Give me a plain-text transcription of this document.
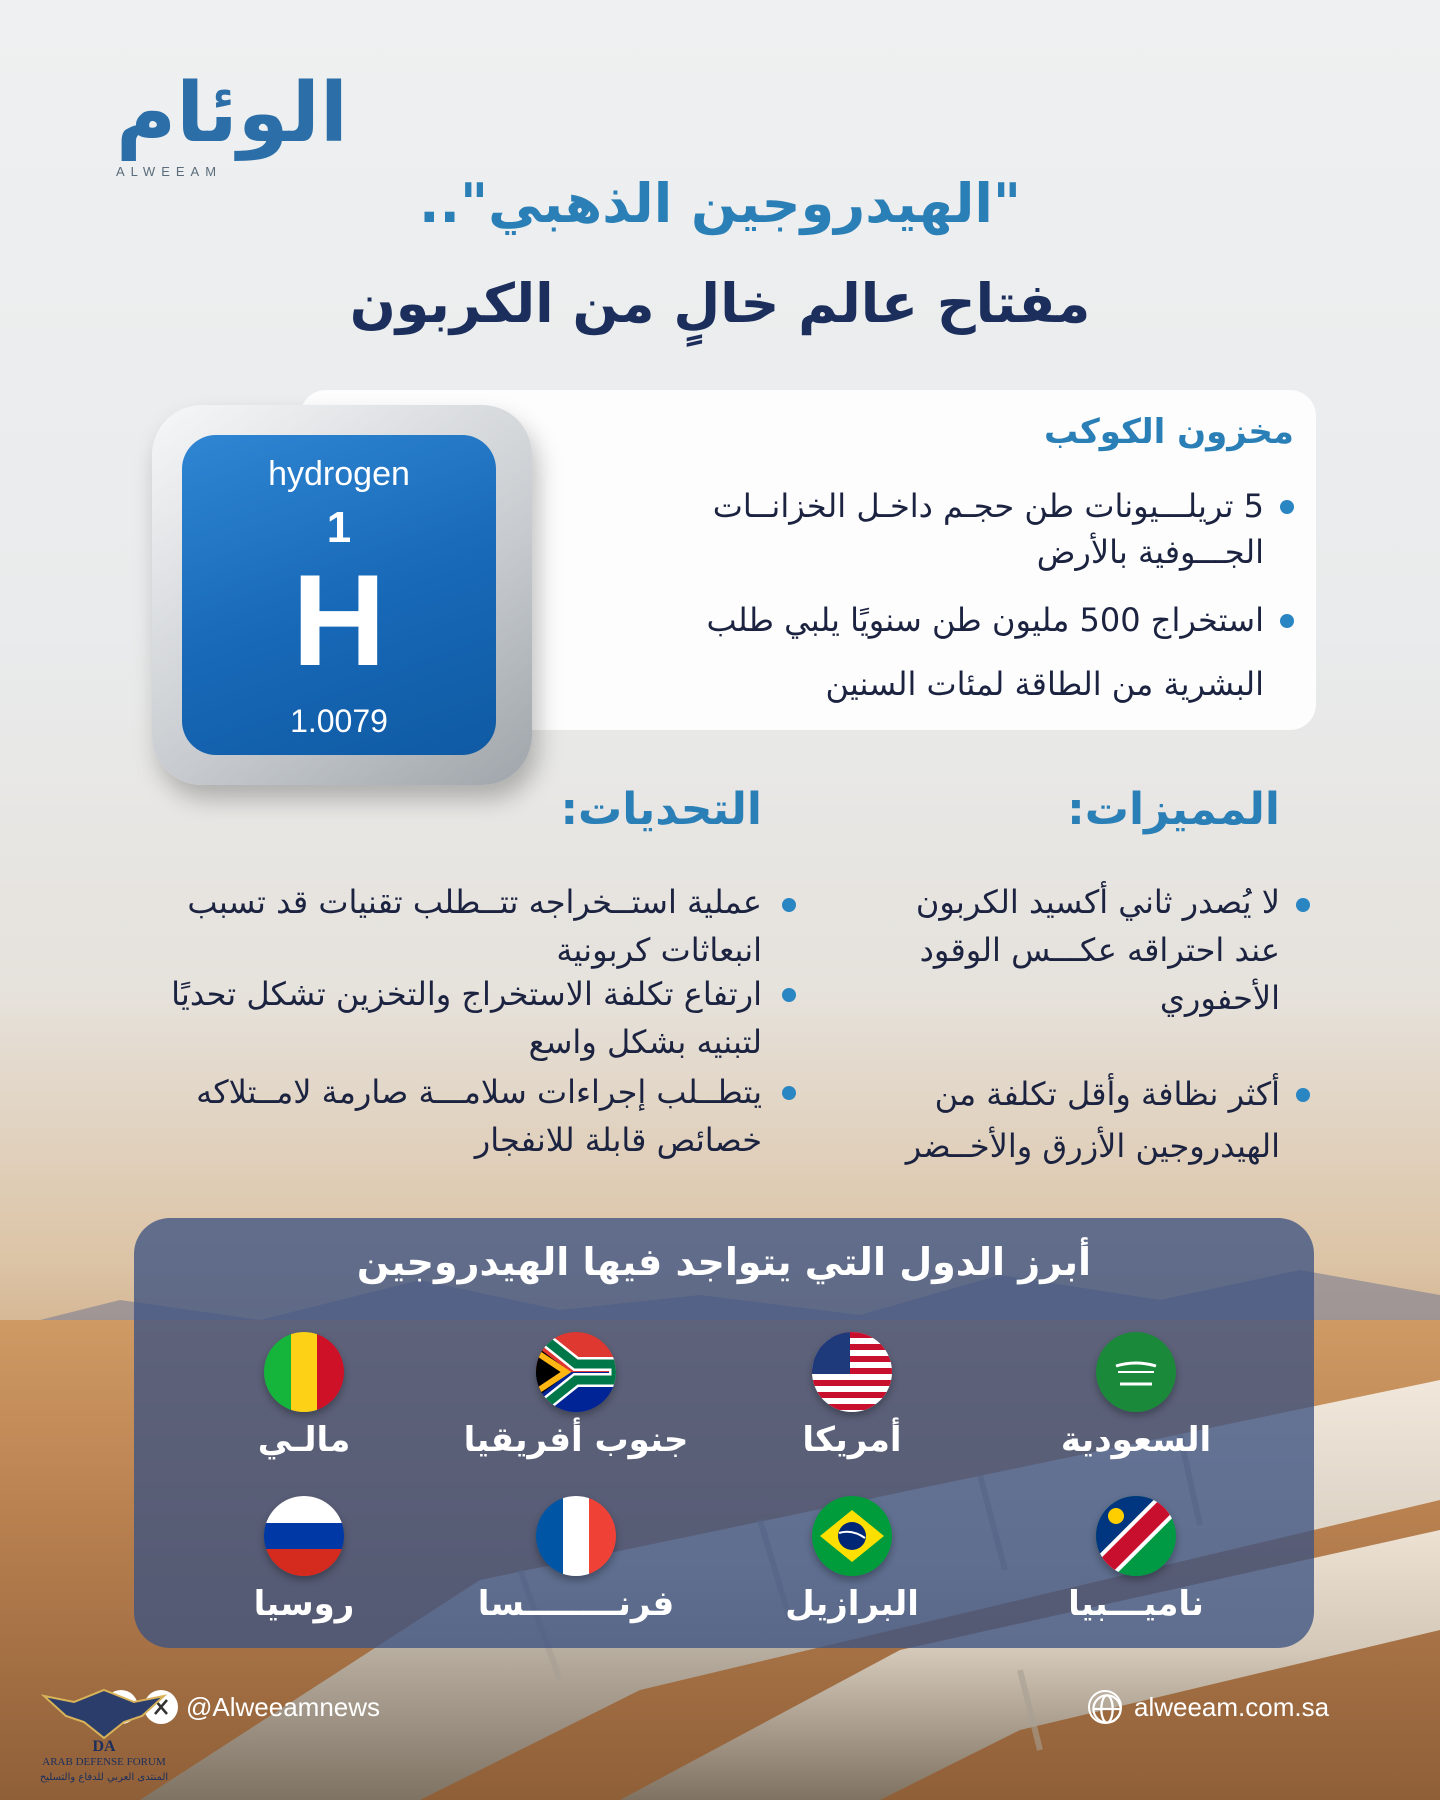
الوئام
ALWEEAM
"الهيدروجين الذهبي"..
مفتاح عالم خالٍ من الكربون
مخزون الكوكب
5 تريلـــيونات طن حجـم داخـل الخزانــات
الجـــوفية بالأرض
استخراج 500 مليون طن سنويًا يلبي طلب
البشرية من الطاقة لمئات السنين
hydrogen
1
H
1.0079
المميزات:
لا يُصدر ثاني أكسيد الكربون
عند احتراقه عكـــس الوقود
الأحفوري
أكثر نظافة وأقل تكلفة من
الهيدروجين الأزرق والأخــضر
التحديات:
عملية استــخراجه تتــطلب تقنيات قد تسبب
انبعاثات كربونية
ارتفاع تكلفة الاستخراج والتخزين تشكل تحديًا
لتبنيه بشكل واسع
يتطــلب إجراءات سلامـــة صارمة لامــتلاكه
خصائص قابلة للانفجار
أبرز الدول التي يتواجد فيها الهيدروجين
السعودية
أمريكا
جنوب أفريقيا
مالـي
ناميـــبيا
البرازيل
فرنــــــــسا
روسيا
@Alweeamnews	alweeam.com.sa
DA
ARAB DEFENSE FORUM
المنتدى العربي للدفاع والتسليح
